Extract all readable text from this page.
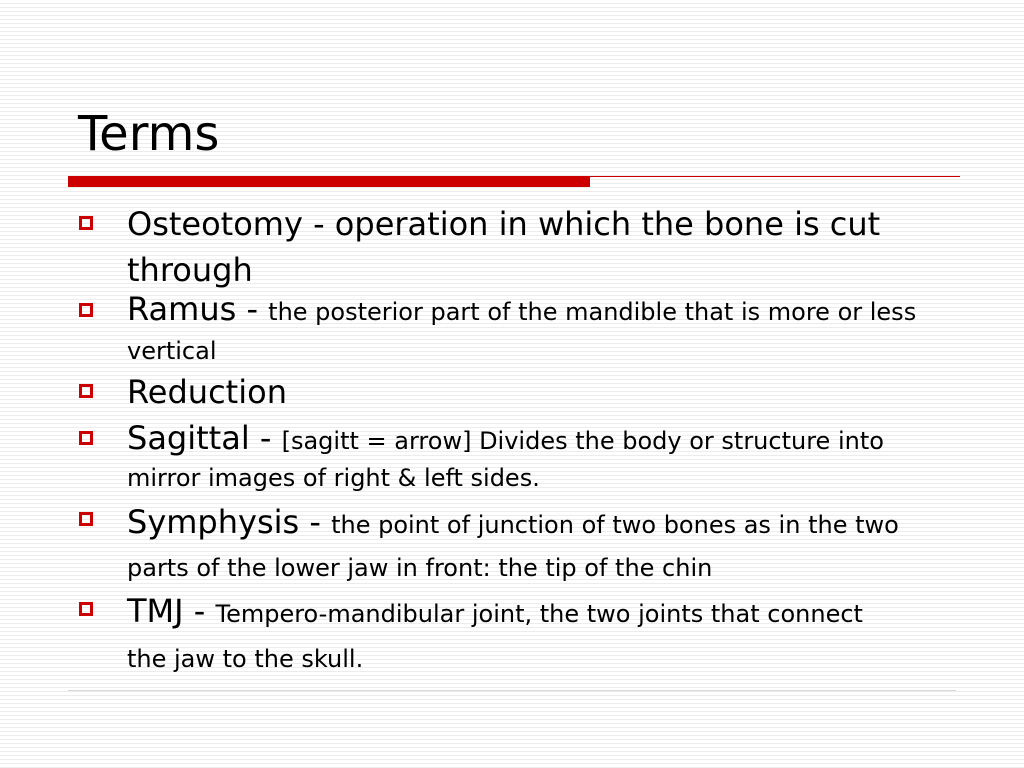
Terms
Osteotomy - operation in which the bone is cut through
Ramus - the posterior part of the mandible that is more or less vertical
Reduction
Sagittal - [sagitt = arrow] Divides the body or structure into mirror images of right & left sides.
Symphysis - the point of junction of two bones as in the two parts of the lower jaw in front: the tip of the chin
TMJ - Tempero-mandibular joint, the two joints that connect the jaw to the skull.
